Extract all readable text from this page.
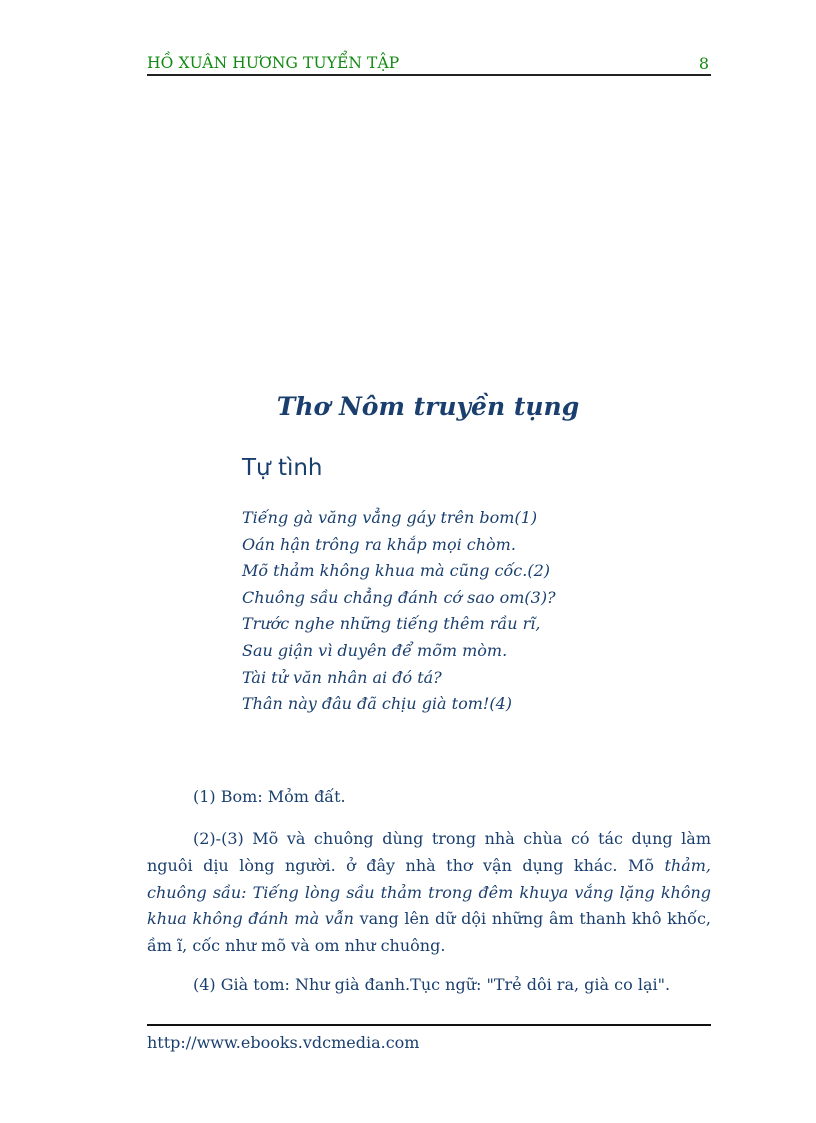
HỒ XUÂN HƯƠNG TUYỂN TẬP	8
Thơ Nôm truyền tụng
Tự tình
Tiếng gà văng vẳng gáy trên bom(1)
Oán hận trông ra khắp mọi chòm.
Mõ thảm không khua mà cũng cốc.(2)
Chuông sầu chẳng đánh cớ sao om(3)?
Trước nghe những tiếng thêm rầu rĩ,
Sau giận vì duyên để mõm mòm.
Tài tử văn nhân ai đó tá?
Thân này đâu đã chịu già tom!(4)
(1) Bom: Mỏm đất.
(2)-(3) Mõ và chuông dùng trong nhà chùa có tác dụng làm nguôi dịu lòng người. ở đây nhà thơ vận dụng khác. Mõ thảm, chuông sầu: Tiếng lòng sầu thảm trong đêm khuya vắng lặng không khua không đánh mà vẫn vang lên dữ dội những âm thanh khô khốc, ầm ĩ, cốc như mõ và om như chuông.
(4) Già tom: Như già đanh.Tục ngữ: "Trẻ dôi ra, già co lại".
http://www.ebooks.vdcmedia.com
